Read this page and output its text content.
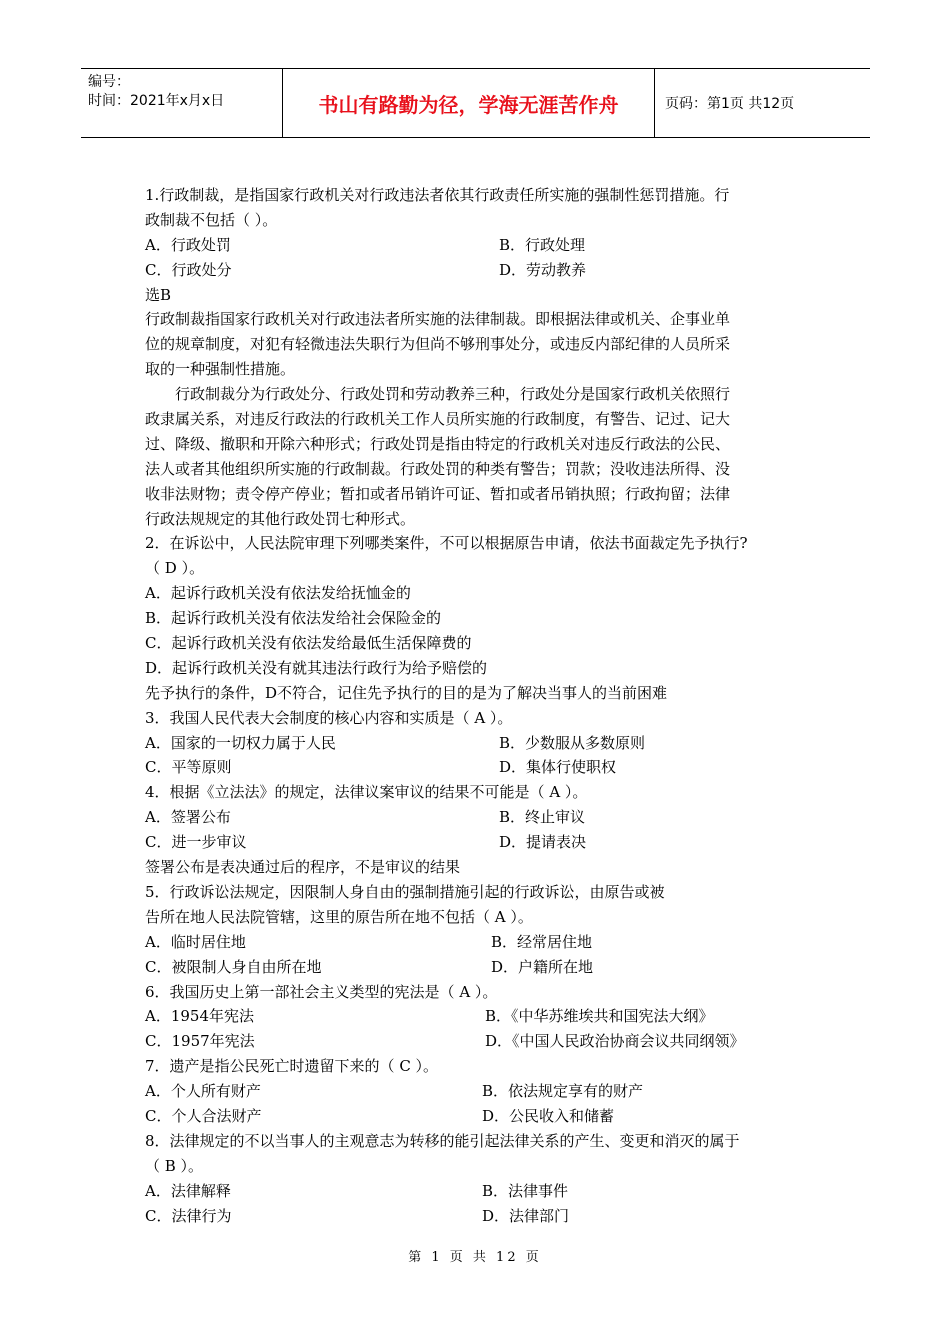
编号：
时间：2021年x月x日	书山有路勤为径，学海无涯苦作舟	页码：第1页 共12页
1.行政制裁，是指国家行政机关对行政违法者依其行政责任所实施的强制性惩罚措施。行
政制裁不包括（ ）。
A．行政处罚	B．行政处理
C．行政处分	D．劳动教养
选B
行政制裁指国家行政机关对行政违法者所实施的法律制裁。即根据法律或机关、企事业单
位的规章制度，对犯有轻微违法失职行为但尚不够刑事处分，或违反内部纪律的人员所采
取的一种强制性措施。
行政制裁分为行政处分、行政处罚和劳动教养三种，行政处分是国家行政机关依照行
政隶属关系，对违反行政法的行政机关工作人员所实施的行政制度，有警告、记过、记大
过、降级、撤职和开除六种形式；行政处罚是指由特定的行政机关对违反行政法的公民、
法人或者其他组织所实施的行政制裁。行政处罚的种类有警告；罚款；没收违法所得、没
收非法财物；责令停产停业；暂扣或者吊销许可证、暂扣或者吊销执照；行政拘留；法律
行政法规规定的其他行政处罚七种形式。
2．在诉讼中，人民法院审理下列哪类案件，不可以根据原告申请，依法书面裁定先予执行?
（ D ）。
A．起诉行政机关没有依法发给抚恤金的
B．起诉行政机关没有依法发给社会保险金的
C．起诉行政机关没有依法发给最低生活保障费的
D．起诉行政机关没有就其违法行政行为给予赔偿的
先予执行的条件，D不符合，记住先予执行的目的是为了解决当事人的当前困难
3．我国人民代表大会制度的核心内容和实质是（ A ）。
A．国家的一切权力属于人民	B．少数服从多数原则
C．平等原则	D．集体行使职权
4．根据《立法法》的规定，法律议案审议的结果不可能是（ A ）。
A．签署公布	B．终止审议
C．进一步审议	D．提请表决
签署公布是表决通过后的程序，不是审议的结果
5．行政诉讼法规定，因限制人身自由的强制措施引起的行政诉讼，由原告或被
告所在地人民法院管辖，这里的原告所在地不包括（ A ）。
A．临时居住地	B．经常居住地
C．被限制人身自由所在地	D．户籍所在地
6．我国历史上第一部社会主义类型的宪法是（ A ）。
A．1954年宪法	B．《中华苏维埃共和国宪法大纲》
C．1957年宪法	D．《中国人民政治协商会议共同纲领》
7．遗产是指公民死亡时遗留下来的（ C ）。
A．个人所有财产	B．依法规定享有的财产
C．个人合法财产	D．公民收入和储蓄
8．法律规定的不以当事人的主观意志为转移的能引起法律关系的产生、变更和消灭的属于
（ B ）。
A．法律解释	B．法律事件
C．法律行为	D．法律部门
第 1 页 共 12 页
